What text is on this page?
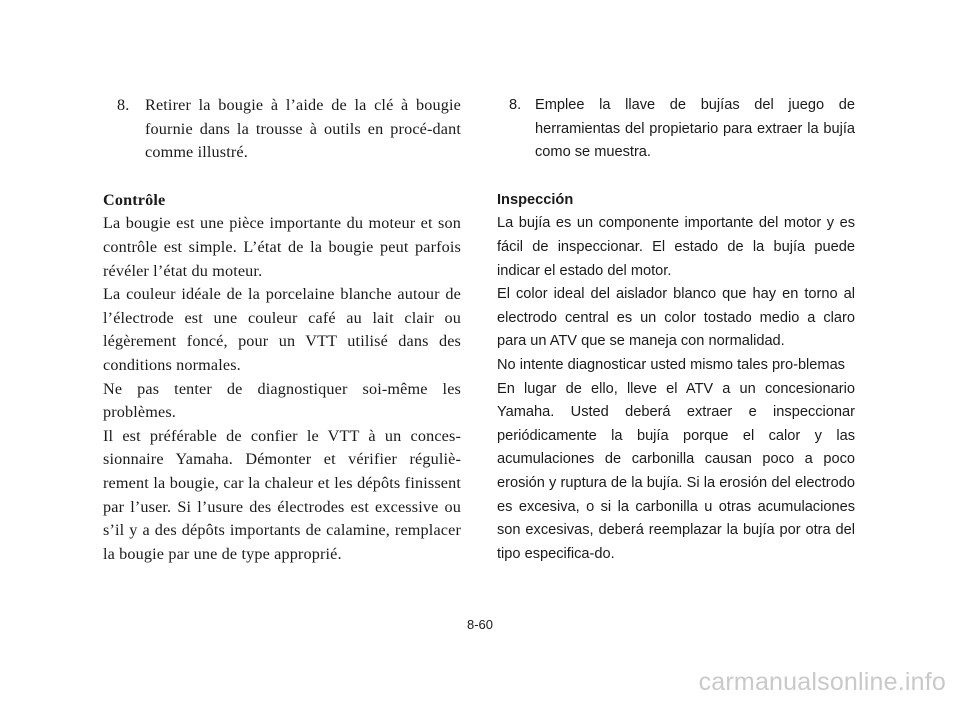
8. Retirer la bougie à l’aide de la clé à bougie fournie dans la trousse à outils en procé-dant comme illustré.

Contrôle

La bougie est une pièce importante du moteur et son contrôle est simple. L’état de la bougie peut parfois révéler l’état du moteur.

La couleur idéale de la porcelaine blanche autour de l’électrode est une couleur café au lait clair ou légèrement foncé, pour un VTT utilisé dans des conditions normales.

Ne pas tenter de diagnostiquer soi-même les problèmes.

Il est préférable de confier le VTT à un conces-sionnaire Yamaha. Démonter et vérifier réguliè-rement la bougie, car la chaleur et les dépôts finissent par l’user. Si l’usure des électrodes est excessive ou s’il y a des dépôts importants de calamine, remplacer la bougie par une de type approprié.

8. Emplee la llave de bujías del juego de herramientas del propietario para extraer la bujía como se muestra.

Inspección

La bujía es un componente importante del motor y es fácil de inspeccionar. El estado de la bujía puede indicar el estado del motor.

El color ideal del aislador blanco que hay en torno al electrodo central es un color tostado medio a claro para un ATV que se maneja con normalidad.

No intente diagnosticar usted mismo tales pro-blemas

En lugar de ello, lleve el ATV a un concesionario Yamaha. Usted deberá extraer e inspeccionar periódicamente la bujía porque el calor y las acumulaciones de carbonilla causan poco a poco erosión y ruptura de la bujía. Si la erosión del electrodo es excesiva, o si la carbonilla u otras acumulaciones son excesivas, deberá reemplazar la bujía por otra del tipo especifica-do.

8-60
carmanualsonline.info
